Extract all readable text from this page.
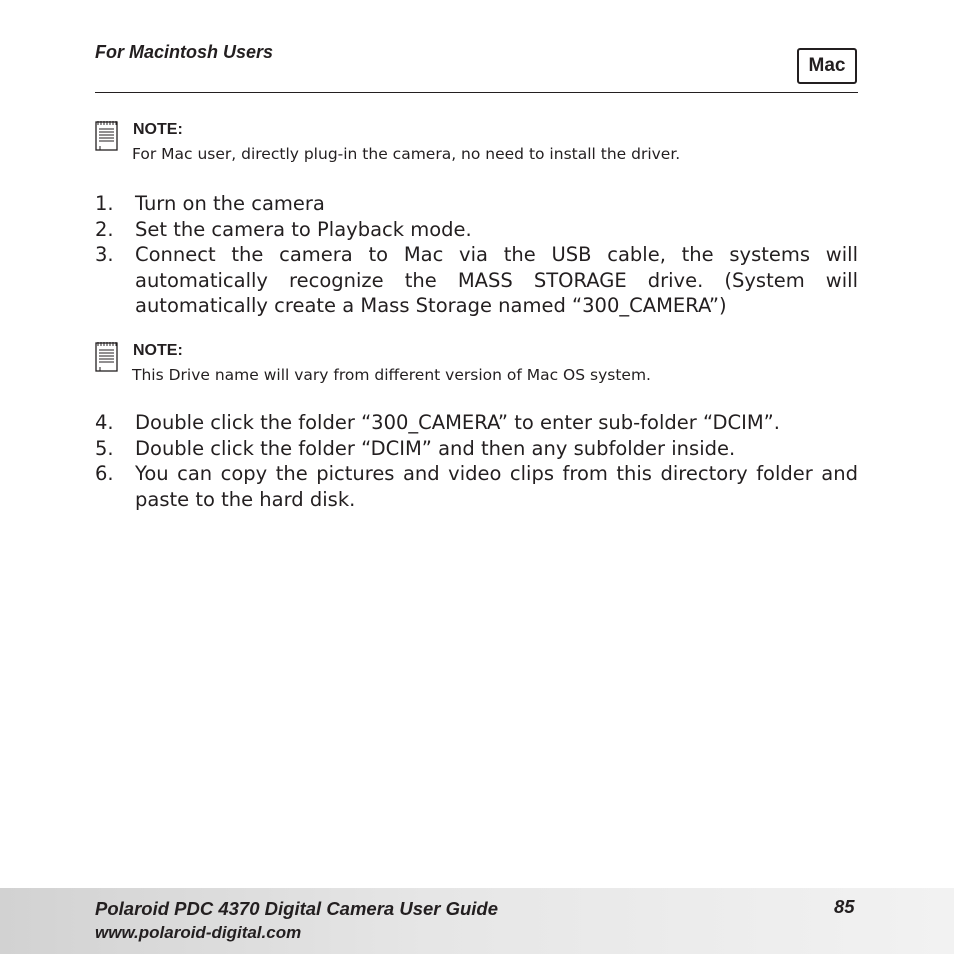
For Macintosh Users
Mac
NOTE:
For Mac user, directly plug-in the camera, no need to install the driver.
1. Turn on the camera
2. Set the camera to Playback mode.
3. Connect the camera to Mac via the USB cable, the systems will automatically recognize the MASS STORAGE drive. (System will automatically create a Mass Storage named “300_CAMERA”)
NOTE:
This Drive name will vary from different version of Mac OS system.
4. Double click the folder “300_CAMERA” to enter sub-folder “DCIM”.
5. Double click the folder “DCIM” and then any subfolder inside.
6. You can copy the pictures and video clips from this directory folder and paste to the hard disk.
Polaroid PDC 4370 Digital Camera User Guide
www.polaroid-digital.com
85
